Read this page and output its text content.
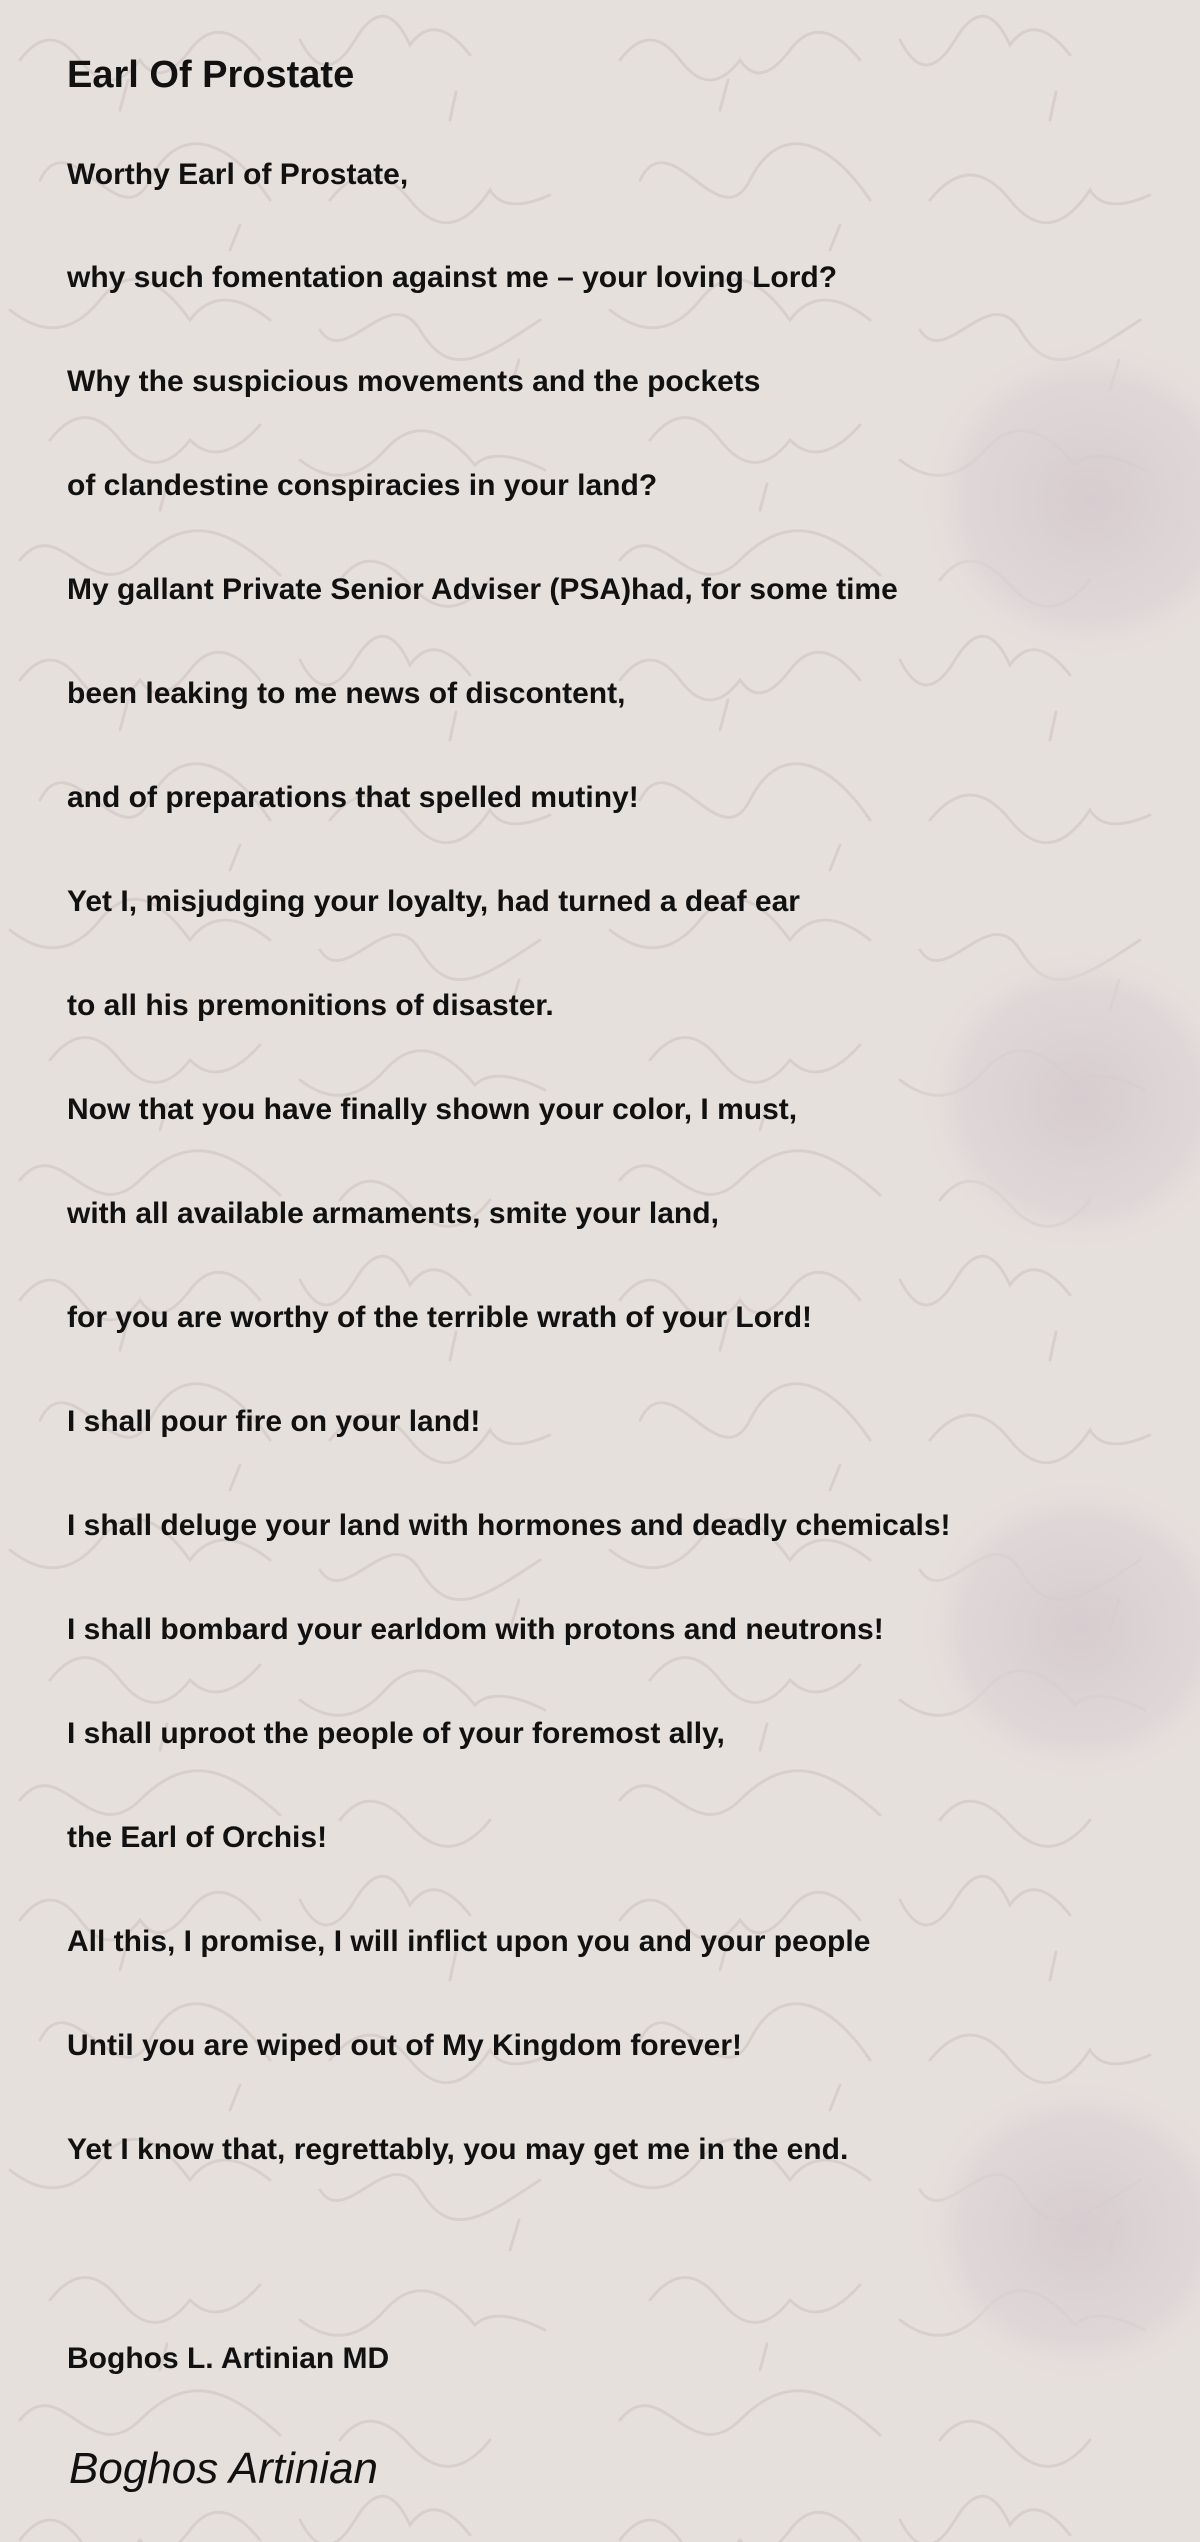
Earl Of Prostate

Worthy Earl of Prostate,

why such fomentation against me – your loving Lord?

Why the suspicious movements and the pockets

of clandestine conspiracies in your land?

My gallant Private Senior Adviser (PSA)had, for some time

been leaking to me news of discontent,

and of preparations that spelled mutiny!

Yet I, misjudging your loyalty, had turned a deaf ear

to all his premonitions of disaster.

Now that you have finally shown your color, I must,

with all available armaments, smite your land,

for you are worthy of the terrible wrath of your Lord!

I shall pour fire on your land!

I shall deluge your land with hormones and deadly chemicals!

I shall bombard your earldom with protons and neutrons!

I shall uproot the people of your foremost ally,

the Earl of Orchis!

All this, I promise, I will inflict upon you and your people

Until you are wiped out of My Kingdom forever!

Yet I know that, regrettably, you may get me in the end.

Boghos L. Artinian MD

Boghos Artinian
